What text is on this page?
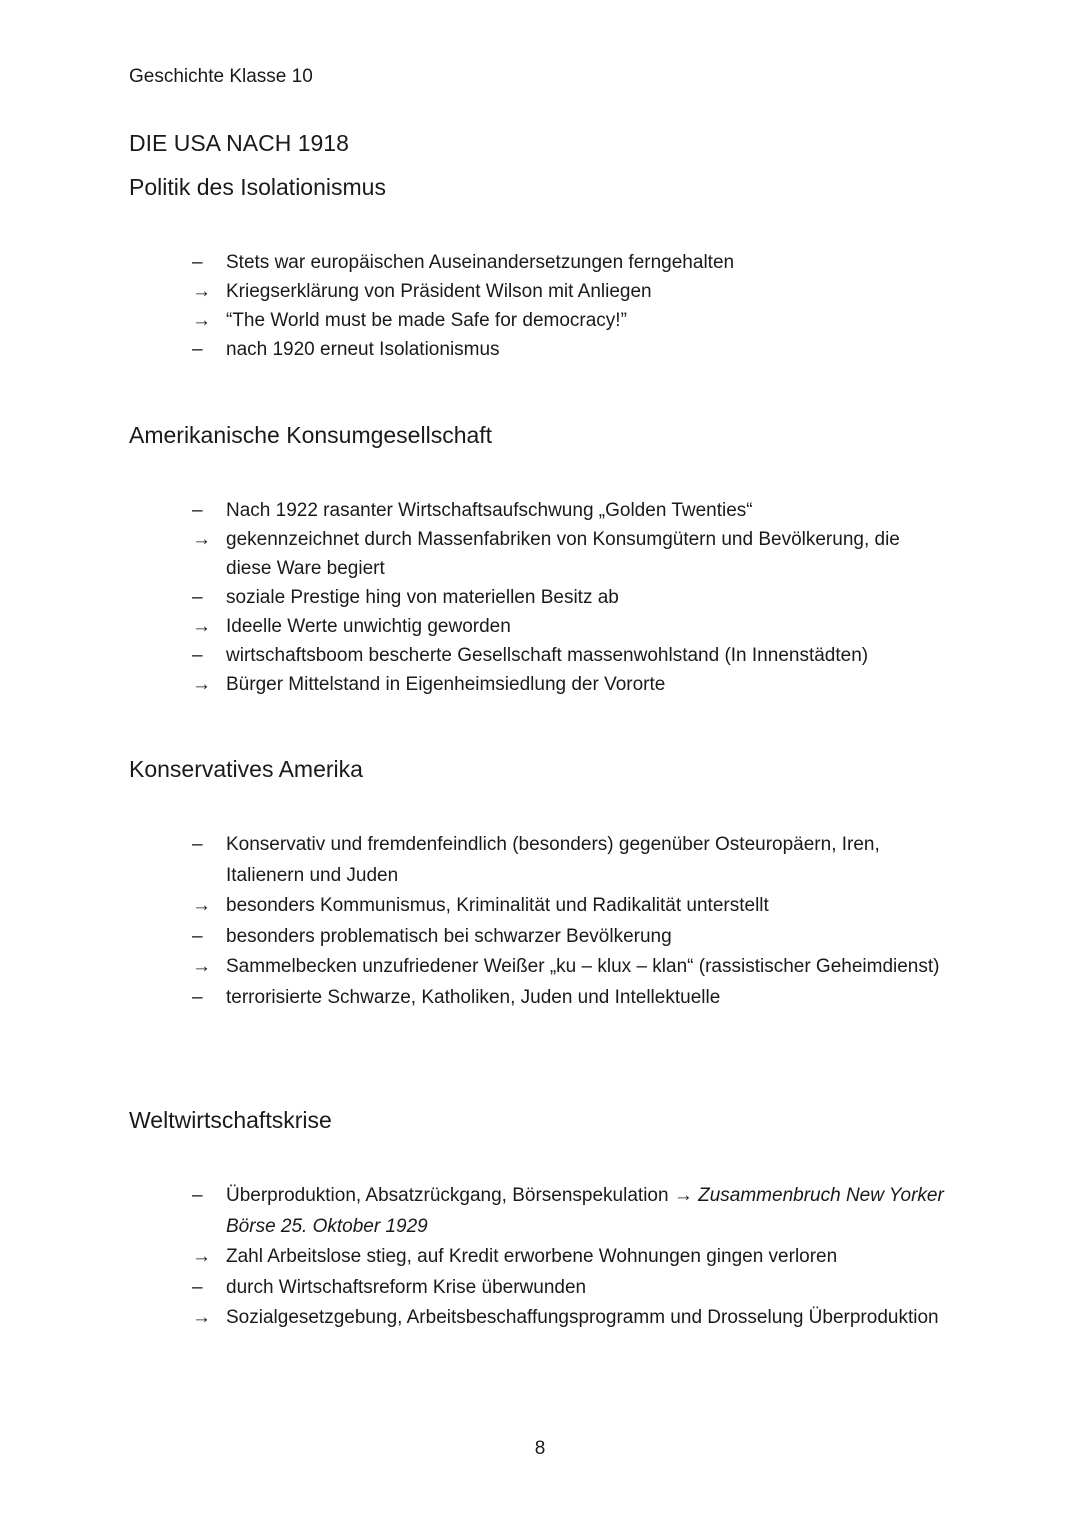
Geschichte Klasse 10
DIE USA NACH 1918
Politik des Isolationismus
–	Stets war europäischen Auseinandersetzungen ferngehalten
→ Kriegserklärung von Präsident Wilson mit Anliegen
→ “The World must be made Safe for democracy!”
–	nach 1920 erneut Isolationismus
Amerikanische Konsumgesellschaft
–	Nach 1922 rasanter Wirtschaftsaufschwung „Golden Twenties“
→ gekennzeichnet durch Massenfabriken von Konsumgütern und Bevölkerung, die diese Ware begiert
–	soziale Prestige hing von materiellen Besitz ab
→ Ideelle Werte unwichtig geworden
–	wirtschaftsboom bescherte Gesellschaft massenwohlstand (In Innenstädten)
→ Bürger Mittelstand in Eigenheimsiedlung der Vororte
Konservatives Amerika
–	Konservativ und fremdenfeindlich (besonders) gegenüber Osteuropäern, Iren, Italienern und Juden
→ besonders Kommunismus, Kriminalität und Radikalität unterstellt
–	besonders problematisch bei schwarzer Bevölkerung
→ Sammelbecken unzufriedener Weißer „ku – klux – klan“ (rassistischer Geheimdienst)
–	terrorisierte Schwarze, Katholiken, Juden und Intellektuelle
Weltwirtschaftskrise
–	Überproduktion, Absatzrückgang, Börsenspekulation → Zusammenbruch New Yorker Börse 25. Oktober 1929
→ Zahl Arbeitslose stieg, auf Kredit erworbene Wohnungen gingen verloren
–	durch Wirtschaftsreform Krise überwunden
→ Sozialgesetzgebung, Arbeitsbeschaffungsprogramm und Drosselung Überproduktion
8
